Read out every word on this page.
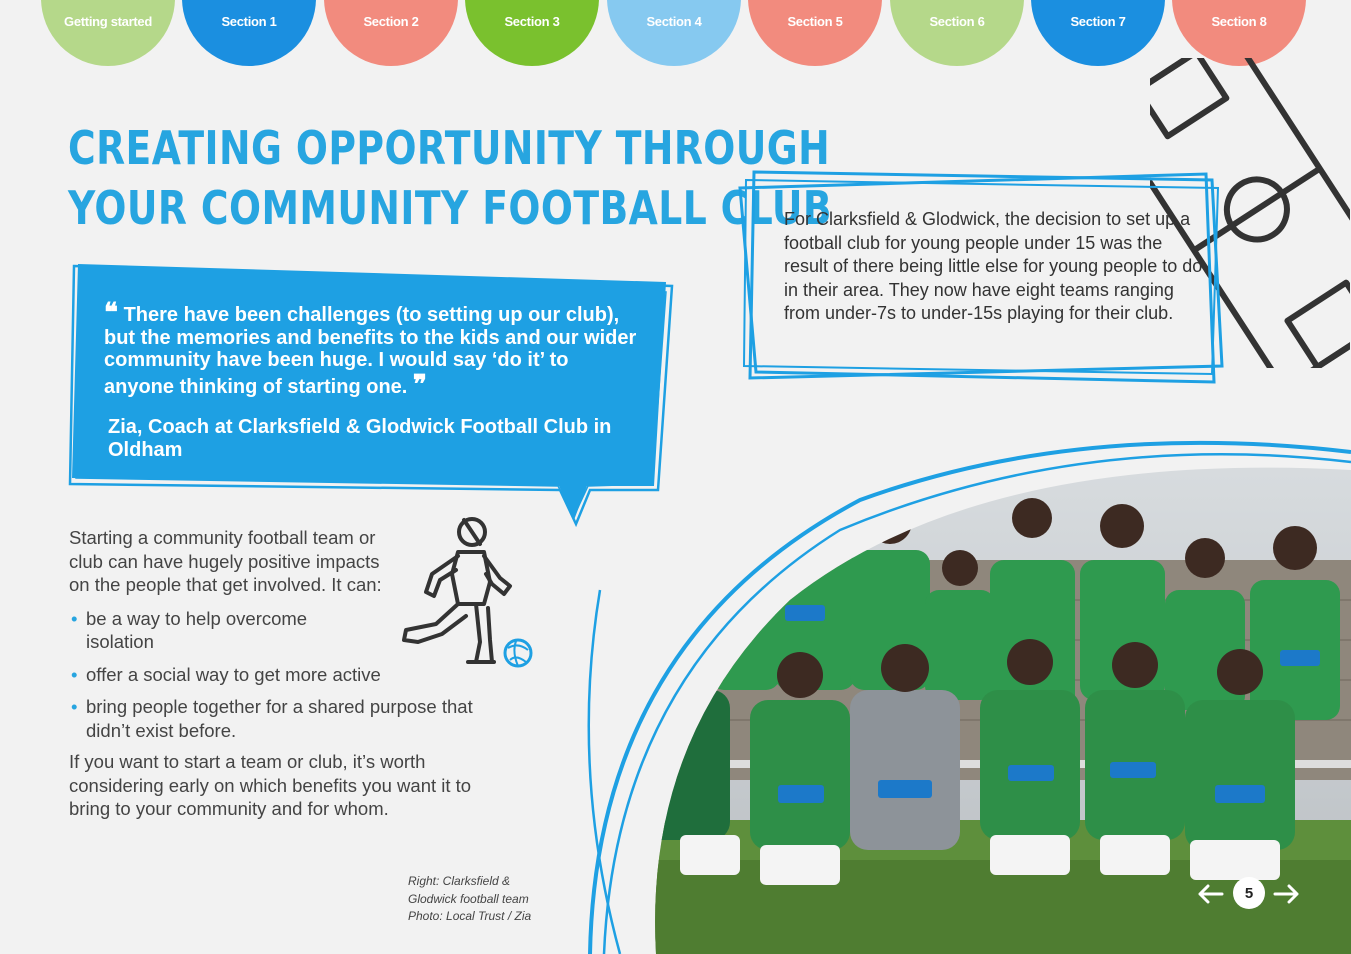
Getting started	Section 1	Section 2	Section 3	Section 4	Section 5	Section 6	Section 7	Section 8
CREATING OPPORTUNITY THROUGH
YOUR COMMUNITY FOOTBALL CLUB
❝ There have been challenges (to setting up our club), but the memories and benefits to the kids and our wider community have been huge. I would say ‘do it’ to anyone thinking of starting one. ❞
Zia, Coach at Clarksfield & Glodwick Football Club in Oldham
For Clarksfield & Glodwick, the decision to set up a football club for young people under 15 was the result of there being little else for young people to do in their area. They now have eight teams ranging from under-7s to under-15s playing for their club.

Starting a community football team or club can have hugely positive impacts on the people that get involved. It can:

• be a way to help overcome isolation
• offer a social way to get more active
• bring people together for a shared purpose that didn’t exist before.

If you want to start a team or club, it’s worth considering early on which benefits you want it to bring to your community and for whom.

Right: Clarksfield &
Glodwick football team
Photo: Local Trust / Zia
5
